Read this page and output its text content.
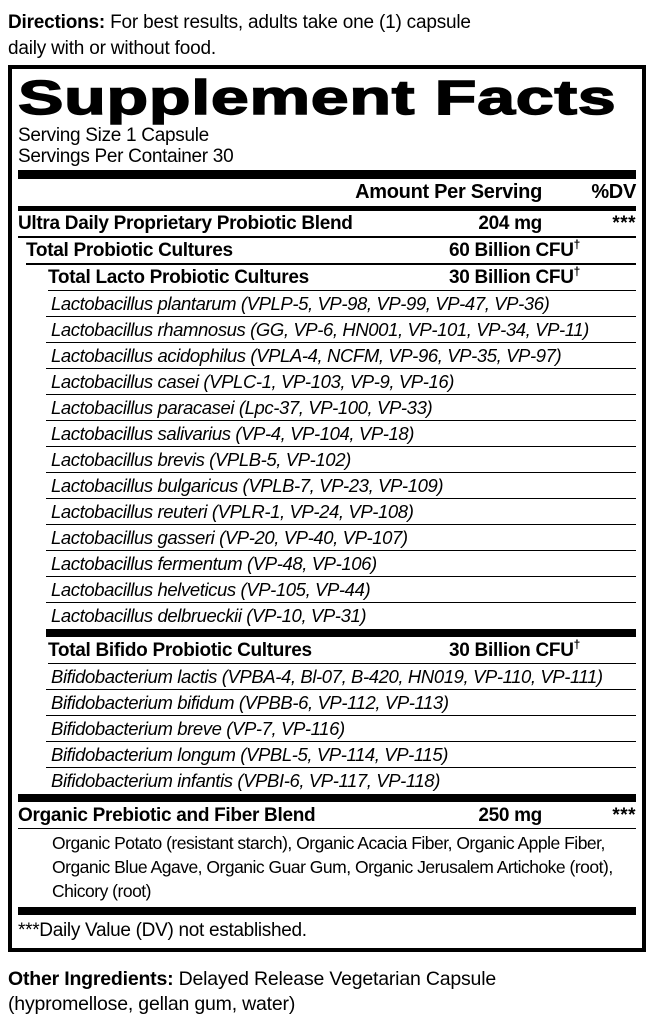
Directions: For best results, adults take one (1) capsule
daily with or without food.

Supplement Facts
Serving Size 1 Capsule
Servings Per Container 30
Amount Per Serving	%DV
Ultra Daily Proprietary Probiotic Blend	204 mg	***
Total Probiotic Cultures	60 Billion CFU†
Total Lacto Probiotic Cultures	30 Billion CFU†
Lactobacillus plantarum (VPLP-5, VP-98, VP-99, VP-47, VP-36)
Lactobacillus rhamnosus (GG, VP-6, HN001, VP-101, VP-34, VP-11)
Lactobacillus acidophilus (VPLA-4, NCFM, VP-96, VP-35, VP-97)
Lactobacillus casei (VPLC-1, VP-103, VP-9, VP-16)
Lactobacillus paracasei (Lpc-37, VP-100, VP-33)
Lactobacillus salivarius (VP-4, VP-104, VP-18)
Lactobacillus brevis (VPLB-5, VP-102)
Lactobacillus bulgaricus (VPLB-7, VP-23, VP-109)
Lactobacillus reuteri (VPLR-1, VP-24, VP-108)
Lactobacillus gasseri (VP-20, VP-40, VP-107)
Lactobacillus fermentum (VP-48, VP-106)
Lactobacillus helveticus (VP-105, VP-44)
Lactobacillus delbrueckii (VP-10, VP-31)
Total Bifido Probiotic Cultures	30 Billion CFU†
Bifidobacterium lactis (VPBA-4, Bl-07, B-420, HN019, VP-110, VP-111)
Bifidobacterium bifidum (VPBB-6, VP-112, VP-113)
Bifidobacterium breve (VP-7, VP-116)
Bifidobacterium longum (VPBL-5, VP-114, VP-115)
Bifidobacterium infantis (VPBI-6, VP-117, VP-118)
Organic Prebiotic and Fiber Blend	250 mg	***
Organic Potato (resistant starch), Organic Acacia Fiber, Organic Apple Fiber,
Organic Blue Agave, Organic Guar Gum, Organic Jerusalem Artichoke (root),
Chicory (root)
***Daily Value (DV) not established.

Other Ingredients: Delayed Release Vegetarian Capsule
(hypromellose, gellan gum, water)
